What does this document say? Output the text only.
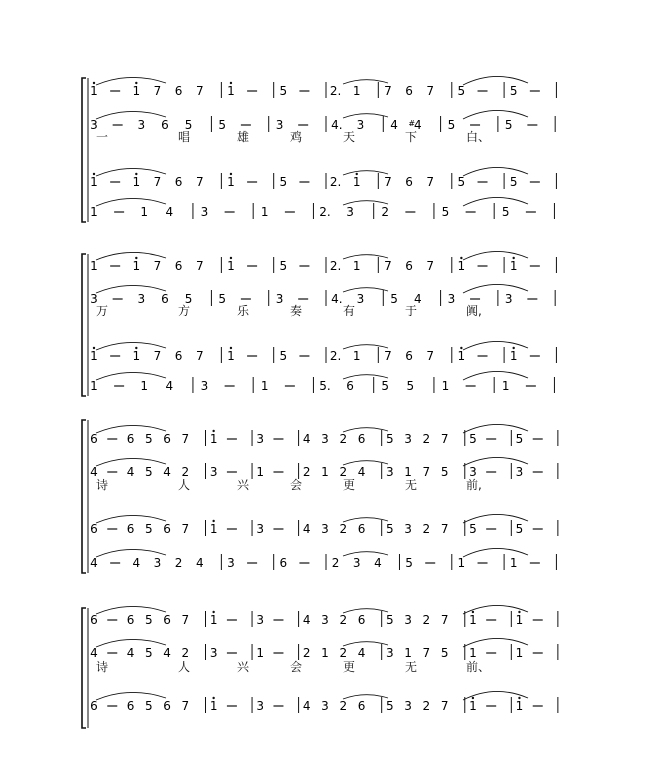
1	1 7 6 7 1	5	2. 1 7 6 7 5	5
3	3 6 5 5	3	4. 3 4 4
#	5	5
1	1 7 6 7 1	5	2. 1 7 6 7 5	5
1	1 4 3	1	2. 3 2	5	5
1	1 7 6 7 1	5	2. 1 7 6 7 1	1
3	3 6 5 5	3	4. 3 5 4 3	3
1	1 7 6 7 1	5	2. 1 7 6 7 1	1
1	1 4 3	1	5. 6 5 5 1	1
6 6 5 6 7 1	3	4 3 2 6 5 3 2 7 5	5
4 4 5 4 2 3	1	2 1 2 4 3 1 7 5 3	3
6 6 5 6 7 1	3	4 3 2 6 5 3 2 7 5	5
4	4 3 2 4 3	6	2 3 4 5	1	1
6 6 5 6 7 1	3	4 3 2 6 5 3 2 7 1	1
4 4 5 4 2 3	1	2 1 2 4 3 1 7 5 1	1
6 6 5 6 7 1	3	4 3 2 6 5 3 2 7 1	1
一	唱	雄	鸡	天	下	白、
万	方	乐	奏	有	于	阗,
诗	人	兴	会	更	无	前,
诗	人	兴	会	更	无	前、
